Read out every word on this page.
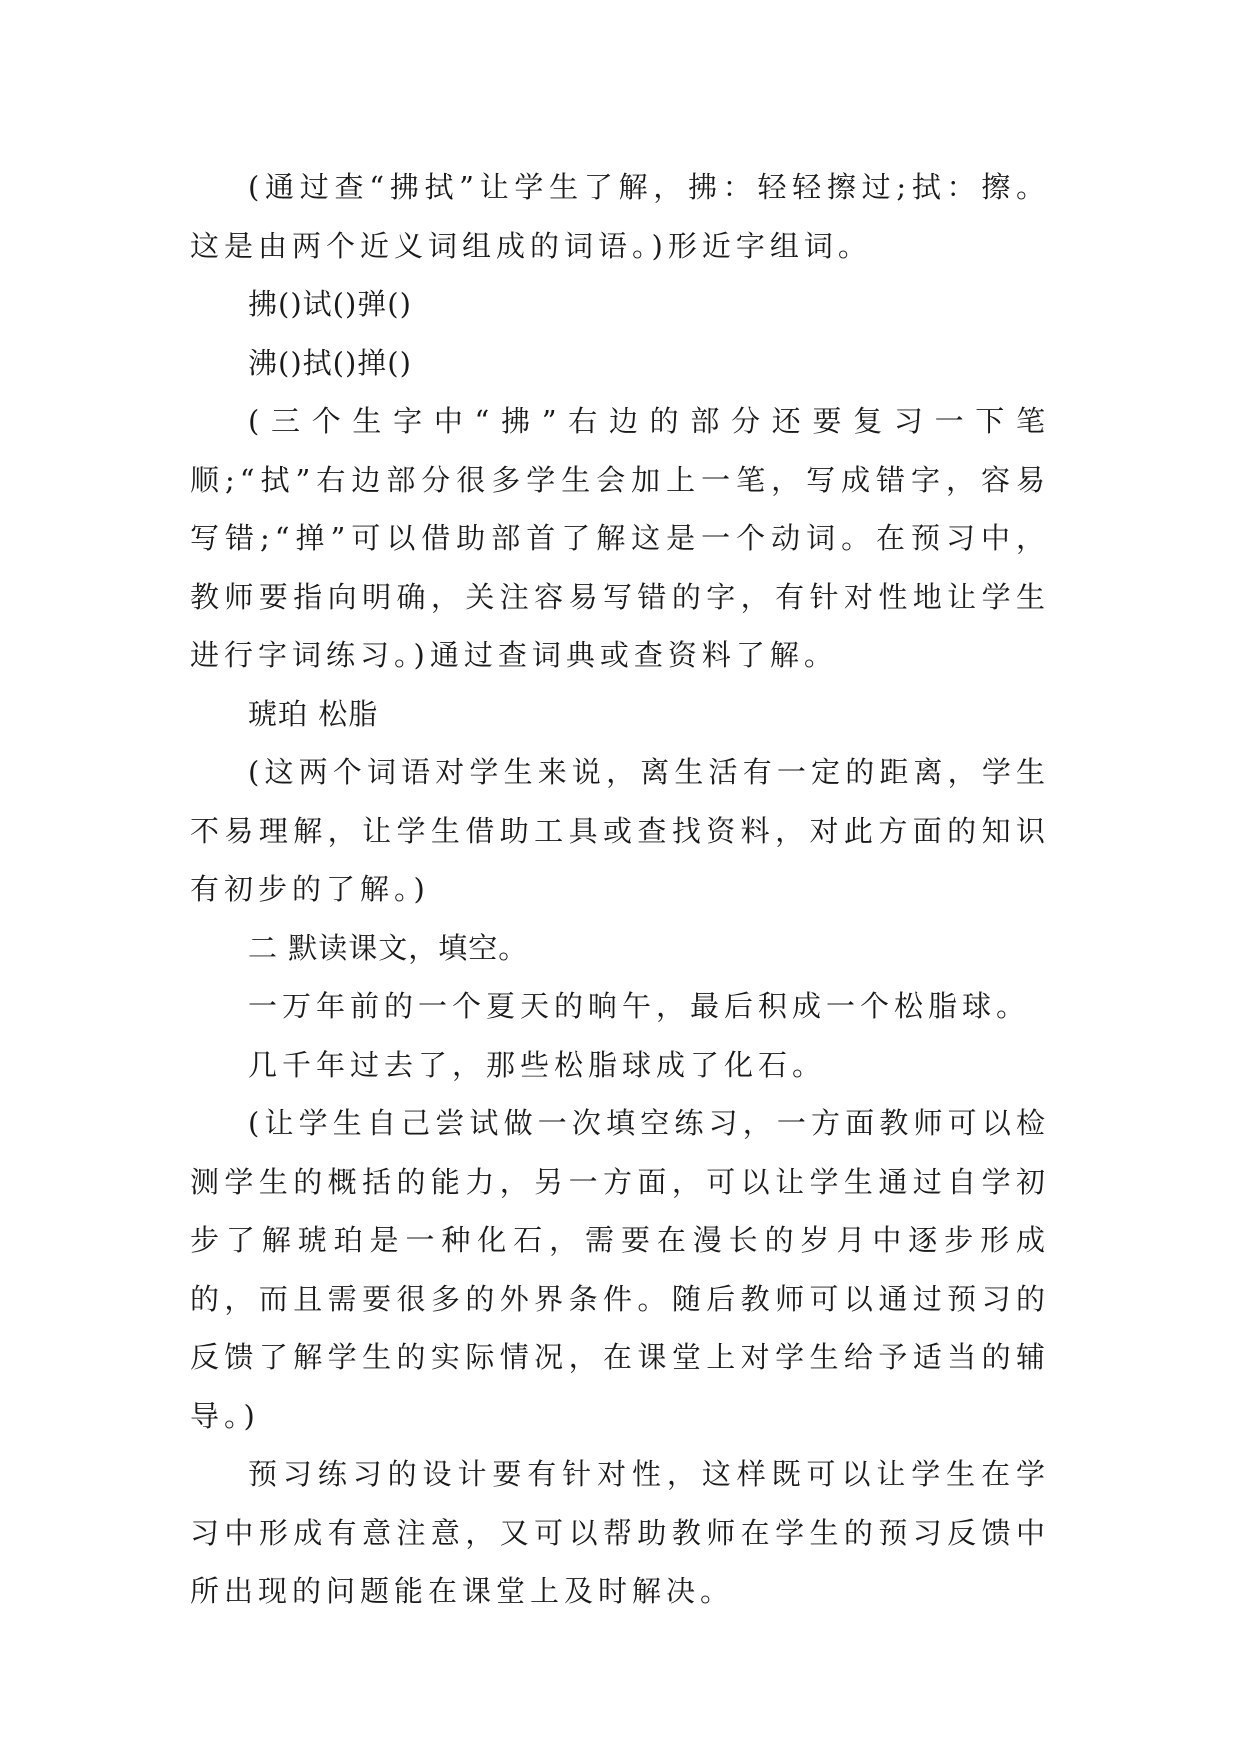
(通过查“拂拭”让学生了解，拂：轻轻擦过;拭：擦。这是由两个近义词组成的词语。)形近字组词。

拂()试()弹()

沸()拭()掸()

(三个生字中“拂”右边的部分还要复习一下笔顺;“拭”右边部分很多学生会加上一笔，写成错字，容易写错;“掸”可以借助部首了解这是一个动词。在预习中，教师要指向明确，关注容易写错的字，有针对性地让学生进行字词练习。)通过查词典或查资料了解。

琥珀 松脂

(这两个词语对学生来说，离生活有一定的距离，学生不易理解，让学生借助工具或查找资料，对此方面的知识有初步的了解。)

二 默读课文，填空。

一万年前的一个夏天的晌午，最后积成一个松脂球。

几千年过去了，那些松脂球成了化石。

(让学生自己尝试做一次填空练习，一方面教师可以检测学生的概括的能力，另一方面，可以让学生通过自学初步了解琥珀是一种化石，需要在漫长的岁月中逐步形成的，而且需要很多的外界条件。随后教师可以通过预习的反馈了解学生的实际情况，在课堂上对学生给予适当的辅导。)

预习练习的设计要有针对性，这样既可以让学生在学习中形成有意注意，又可以帮助教师在学生的预习反馈中所出现的问题能在课堂上及时解决。
